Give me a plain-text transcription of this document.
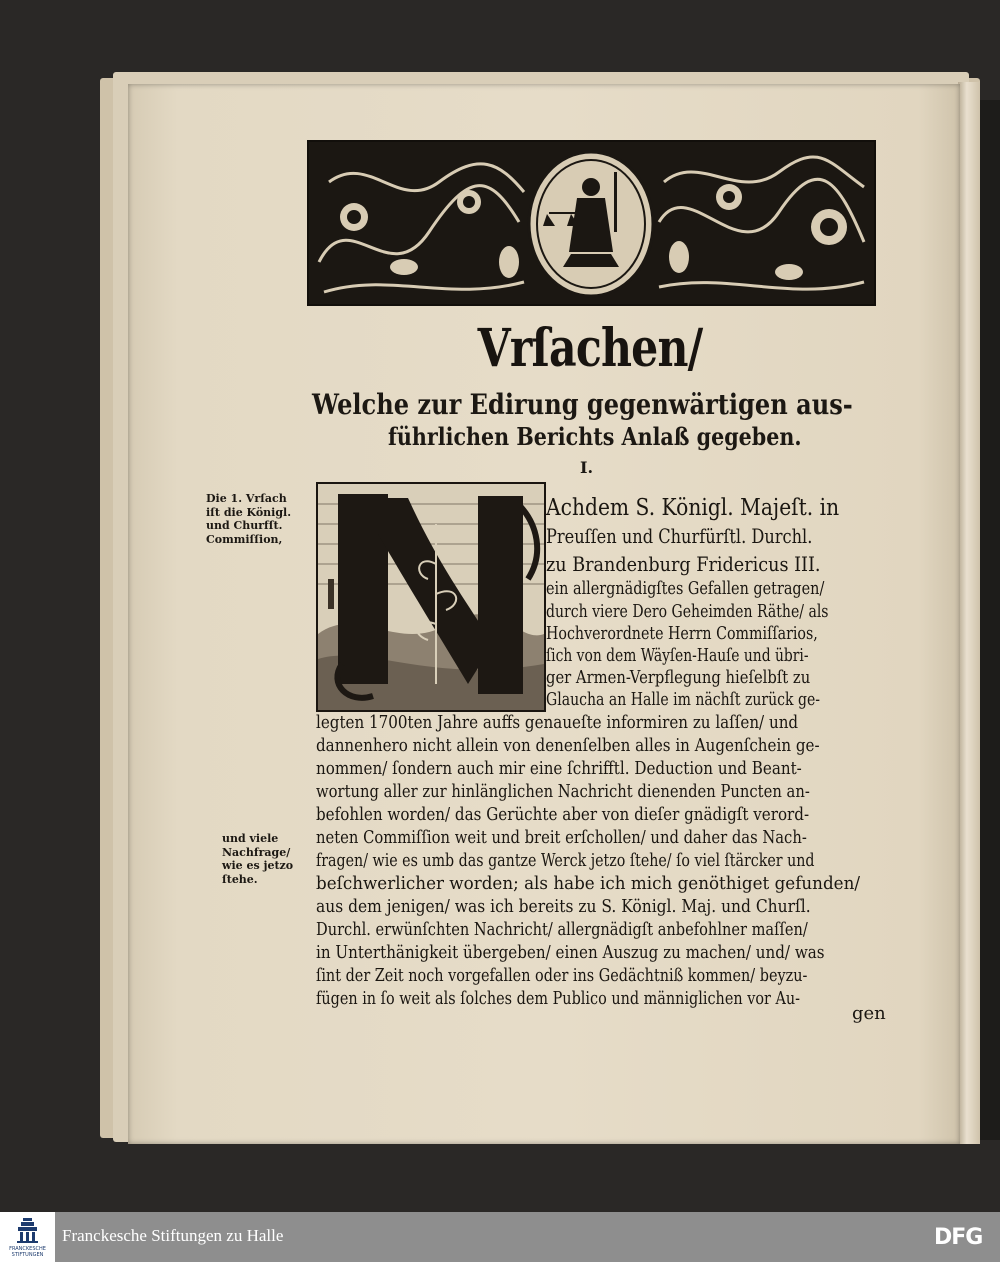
Vrſachen/
Welche zur Edirung gegenwärtigen aus-
führlichen Berichts Anlaß gegeben.
I.
Die 1. Vrſach
iſt die Königl.
und Churfſt.
Commiſſion,
und viele
Nachfrage/
wie es jetzo
ſtehe.
Achdem S. Königl. Majeſt. in
Preuſſen und Churfürſtl. Durchl.
zu Brandenburg Fridericus III.
ein allergnädigſtes Gefallen getragen/
durch viere Dero Geheimden Räthe/ als
Hochverordnete Herrn Commiſſarios,
ſich von dem Wäyſen-Hauſe und übri-
ger Armen-Verpflegung hieſelbſt zu
Glaucha an Halle im nächſt zurück ge-
legten 1700ten Jahre auffs genaueſte informiren zu laſſen/ und
dannenhero nicht allein von denenſelben alles in Augenſchein ge-
nommen/ ſondern auch mir eine ſchrifftl. Deduction und Beant-
wortung aller zur hinlänglichen Nachricht dienenden Puncten an-
befohlen worden/ das Gerüchte aber von dieſer gnädigſt verord-
neten Commiſſion weit und breit erſchollen/ und daher das Nach-
fragen/ wie es umb das gantze Werck jetzo ſtehe/ ſo viel ſtärcker und
beſchwerlicher worden; als habe ich mich genöthiget gefunden/
aus dem jenigen/ was ich bereits zu S. Königl. Maj. und Churſl.
Durchl. erwünſchten Nachricht/ allergnädigſt anbefohlner maſſen/
in Unterthänigkeit übergeben/ einen Auszug zu machen/ und/ was
ſint der Zeit noch vorgefallen oder ins Gedächtniß kommen/ beyzu-
fügen in ſo weit als ſolches dem Publico und männiglichen vor Au-
gen
FRANCKESCHE STIFTUNGEN
Franckesche Stiftungen zu Halle	DFG
